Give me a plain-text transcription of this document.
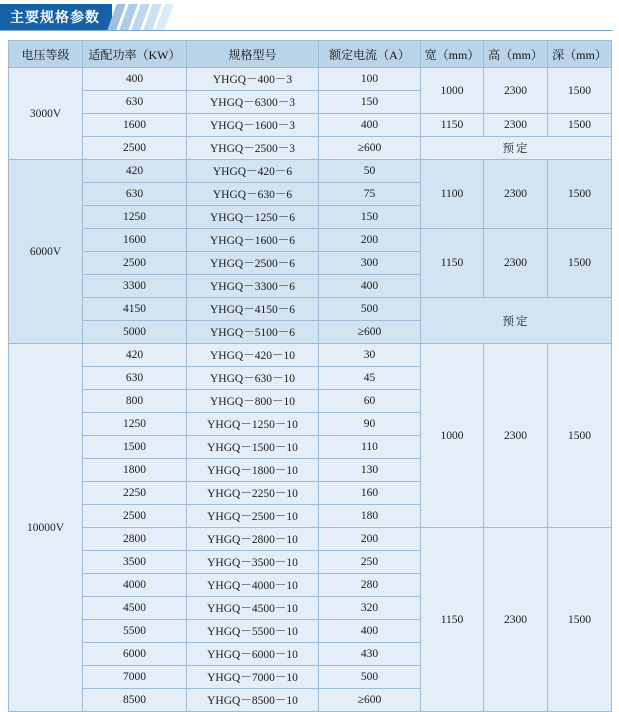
主要规格参数
电压等级	适配功率（KW）	规格型号	额定电流（A）	宽（mm）	高（mm）	深（mm）
3000V	400	YHGQ－400－3	100	1000	2300	1500
	630	YHGQ－6300－3	150			
	1600	YHGQ－1600－3	400	1150	2300	1500
	2500	YHGQ－2500－3	≥600	预定		
6000V	420	YHGQ－420－6	50	1100	2300	1500
	630	YHGQ－630－6	75			
	1250	YHGQ－1250－6	150			
	1600	YHGQ－1600－6	200	1150	2300	1500
	2500	YHGQ－2500－6	300			
	3300	YHGQ－3300－6	400			
	4150	YHGQ－4150－6	500	预定		
	5000	YHGQ－5100－6	≥600			
10000V	420	YHGQ－420－10	30	1000	2300	1500
	630	YHGQ－630－10	45			
	800	YHGQ－800－10	60			
	1250	YHGQ－1250－10	90			
	1500	YHGQ－1500－10	110			
	1800	YHGQ－1800－10	130			
	2250	YHGQ－2250－10	160			
	2500	YHGQ－2500－10	180			
	2800	YHGQ－2800－10	200	1150	2300	1500
	3500	YHGQ－3500－10	250			
	4000	YHGQ－4000－10	280			
	4500	YHGQ－4500－10	320			
	5500	YHGQ－5500－10	400			
	6000	YHGQ－6000－10	430			
	7000	YHGQ－7000－10	500			
	8500	YHGQ－8500－10	≥600			
